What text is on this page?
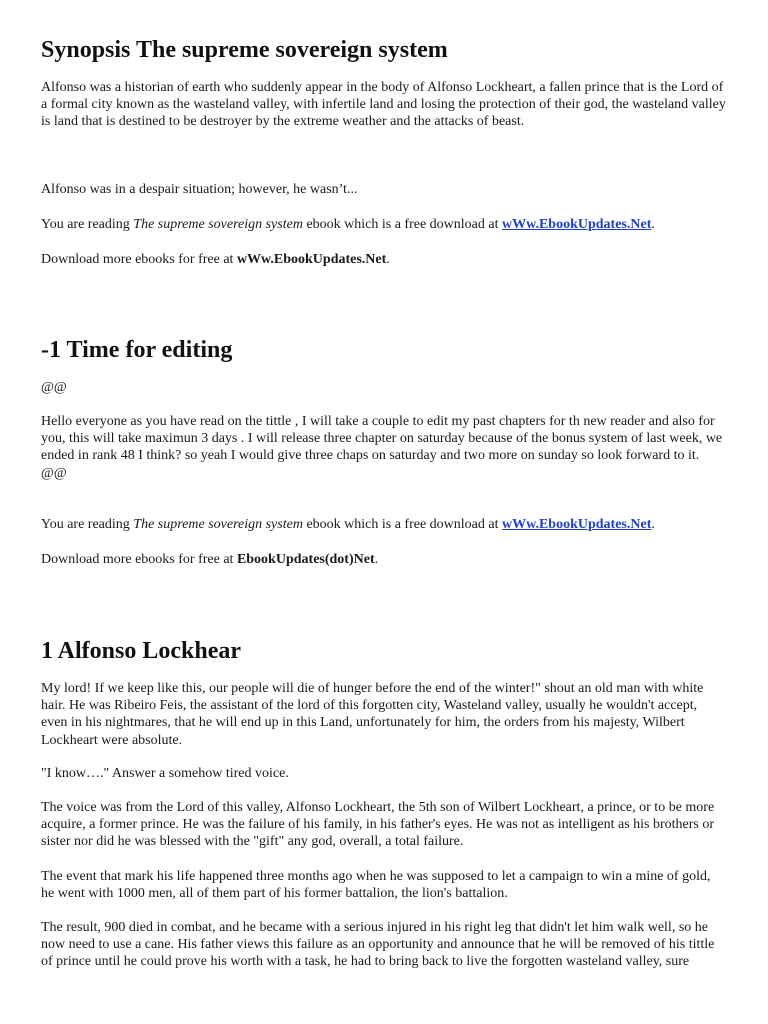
Synopsis The supreme sovereign system

Alfonso was a historian of earth who suddenly appear in the body of Alfonso Lockheart, a fallen prince that is the Lord of a formal city known as the wasteland valley, with infertile land and losing the protection of their god, the wasteland valley is land that is destined to be destroyer by the extreme weather and the attacks of beast.

Alfonso was in a despair situation; however, he wasn’t...

You are reading The supreme sovereign system ebook which is a free download at wWw.EbookUpdates.Net.

Download more ebooks for free at wWw.EbookUpdates.Net.

-1 Time for editing

@@

Hello everyone as you have read on the tittle , I will take a couple to edit my past chapters for th new reader and also for you, this will take maximun 3 days . I will release three chapter on saturday because of the bonus system of last week, we ended in rank 48 I think? so yeah I would give three chaps on saturday and two more on sunday so look forward to it. @@

You are reading The supreme sovereign system ebook which is a free download at wWw.EbookUpdates.Net.

Download more ebooks for free at EbookUpdates(dot)Net.

1 Alfonso Lockhear

My lord! If we keep like this, our people will die of hunger before the end of the winter!" shout an old man with white hair. He was Ribeiro Feis, the assistant of the lord of this forgotten city, Wasteland valley, usually he wouldn't accept, even in his nightmares, that he will end up in this Land, unfortunately for him, the orders from his majesty, Wilbert Lockheart were absolute.

"I know…." Answer a somehow tired voice.

The voice was from the Lord of this valley, Alfonso Lockheart, the 5th son of Wilbert Lockheart, a prince, or to be more acquire, a former prince. He was the failure of his family, in his father's eyes. He was not as intelligent as his brothers or sister nor did he was blessed with the "gift" any god, overall, a total failure.

The event that mark his life happened three months ago when he was supposed to let a campaign to win a mine of gold, he went with 1000 men, all of them part of his former battalion, the lion's battalion.

The result, 900 died in combat, and he became with a serious injured in his right leg that didn't let him walk well, so he now need to use a cane. His father views this failure as an opportunity and announce that he will be removed of his tittle of prince until he could prove his worth with a task, he had to bring back to live the forgotten wasteland valley, sure
